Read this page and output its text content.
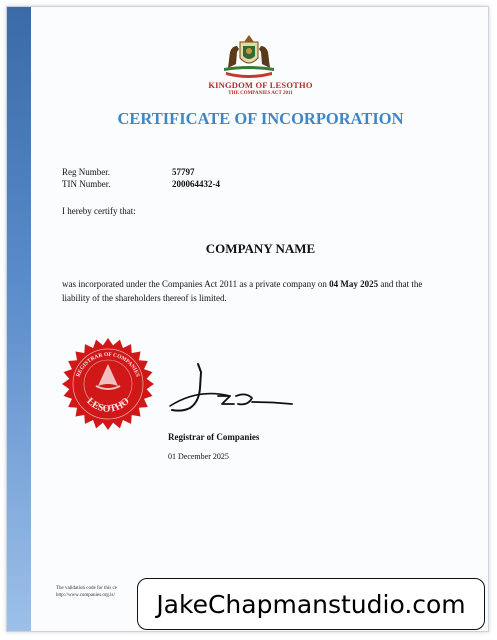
KINGDOM OF LESOTHO
THE COMPANIES ACT 2011
CERTIFICATE OF INCORPORATION
Reg Number.	57797
TIN Number.	200064432-4
I hereby certify that:
COMPANY NAME
was incorporated under the Companies Act 2011 as a private company on 04 May 2025 and that the liability of the shareholders thereof is limited.
REGISTRAR OF COMPANIES
LESOTHO
Registrar of Companies
01 December 2025
The validation code for this ce
http://www.companies.org.ls/	JakeChapmanstudio.com
